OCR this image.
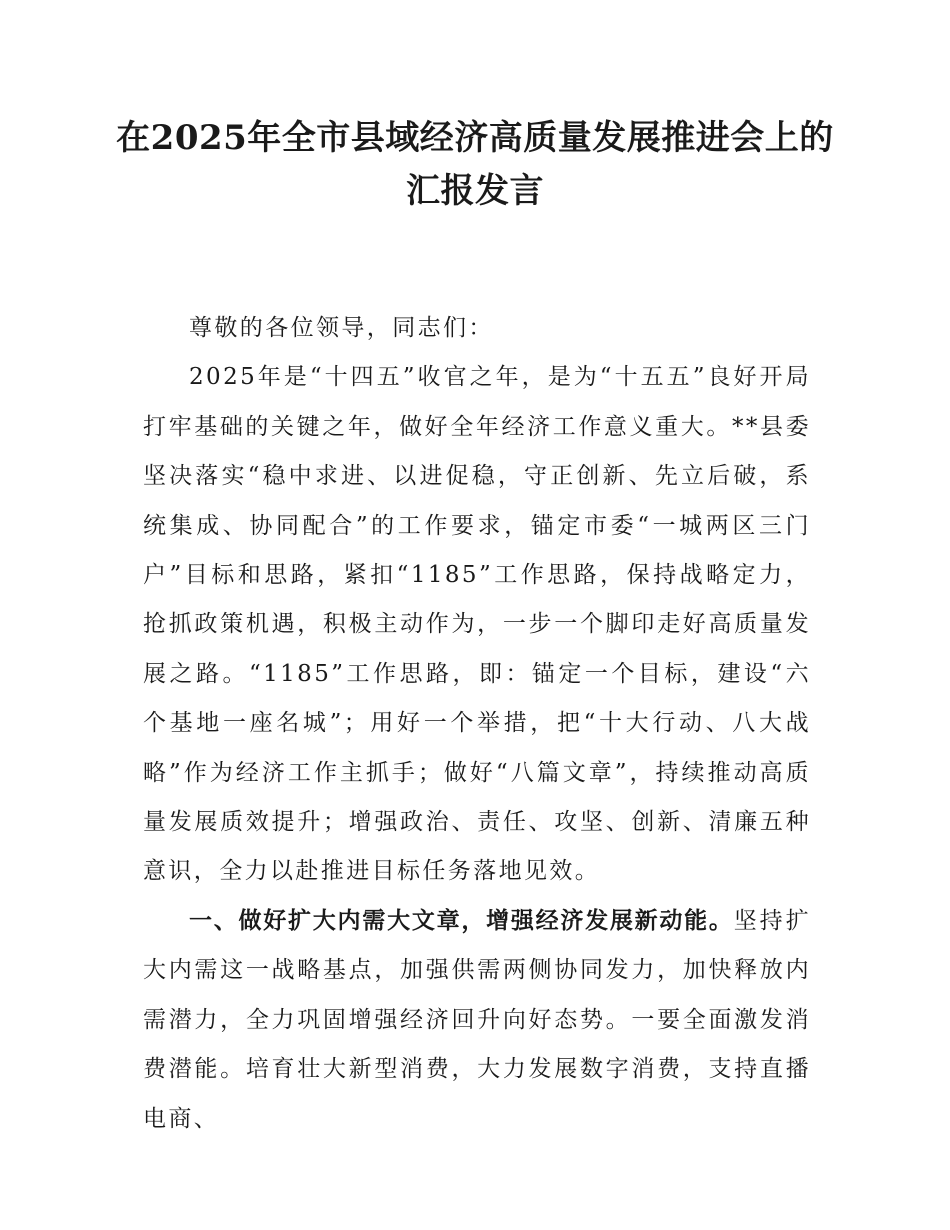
在2025年全市县域经济高质量发展推进会上的汇报发言

尊敬的各位领导，同志们：

2025年是“十四五”收官之年，是为“十五五”良好开局打牢基础的关键之年，做好全年经济工作意义重大。**县委坚决落实“稳中求进、以进促稳，守正创新、先立后破，系统集成、协同配合”的工作要求，锚定市委“一城两区三门户”目标和思路，紧扣“1185”工作思路，保持战略定力，抢抓政策机遇，积极主动作为，一步一个脚印走好高质量发展之路。“1185”工作思路，即：锚定一个目标，建设“六个基地一座名城”；用好一个举措，把“十大行动、八大战略”作为经济工作主抓手；做好“八篇文章”，持续推动高质量发展质效提升；增强政治、责任、攻坚、创新、清廉五种意识，全力以赴推进目标任务落地见效。

一、做好扩大内需大文章，增强经济发展新动能。坚持扩大内需这一战略基点，加强供需两侧协同发力，加快释放内需潜力，全力巩固增强经济回升向好态势。一要全面激发消费潜能。培育壮大新型消费，大力发展数字消费，支持直播电商、
